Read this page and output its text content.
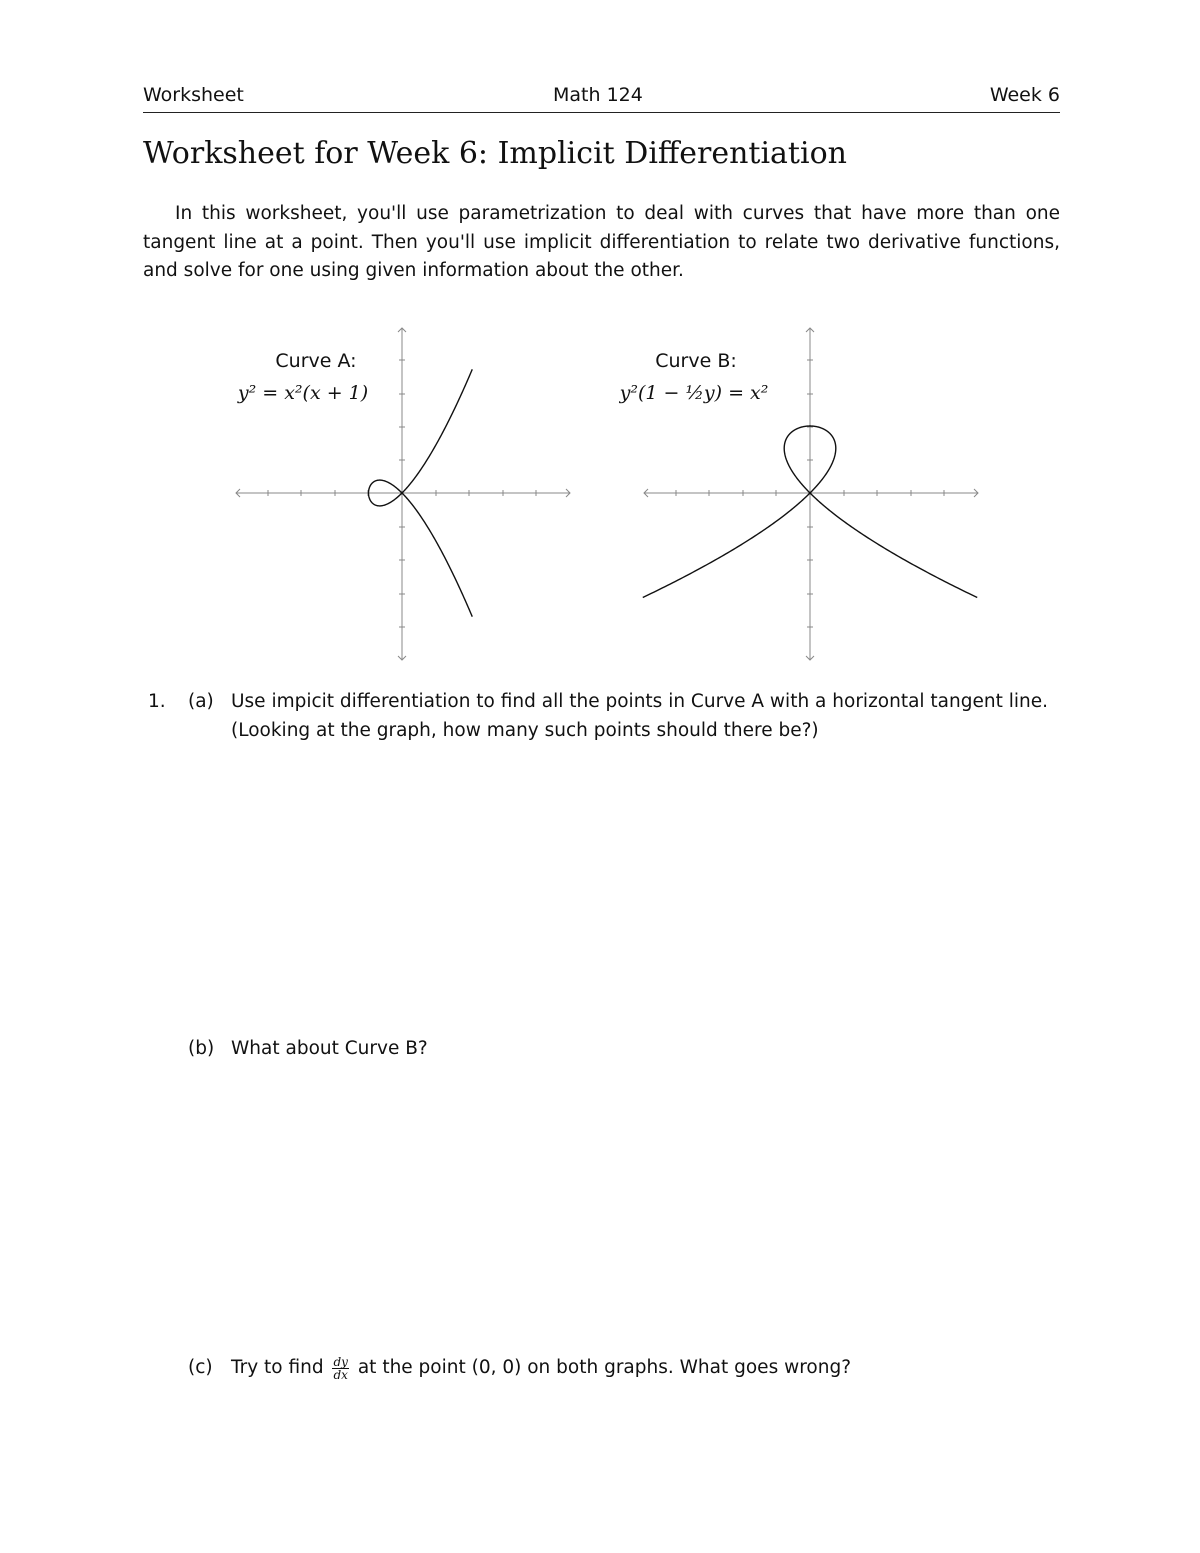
Worksheet	Math 124	Week 6
Worksheet for Week 6: Implicit Differentiation

In this worksheet, you'll use parametrization to deal with curves that have more than one tangent line at a point. Then you'll use implicit differentiation to relate two derivative functions, and solve for one using given information about the other.

Curve A:
y² = x²(x + 1)
Curve B:
y²(1 − ½y) = x²
1. (a) Use impicit differentiation to find all the points in Curve A with a horizontal tangent line. (Looking at the graph, how many such points should there be?)
(b) What about Curve B?
(c) Try to find $\frac{dy}{dx}$ at the point (0, 0) on both graphs. What goes wrong?
